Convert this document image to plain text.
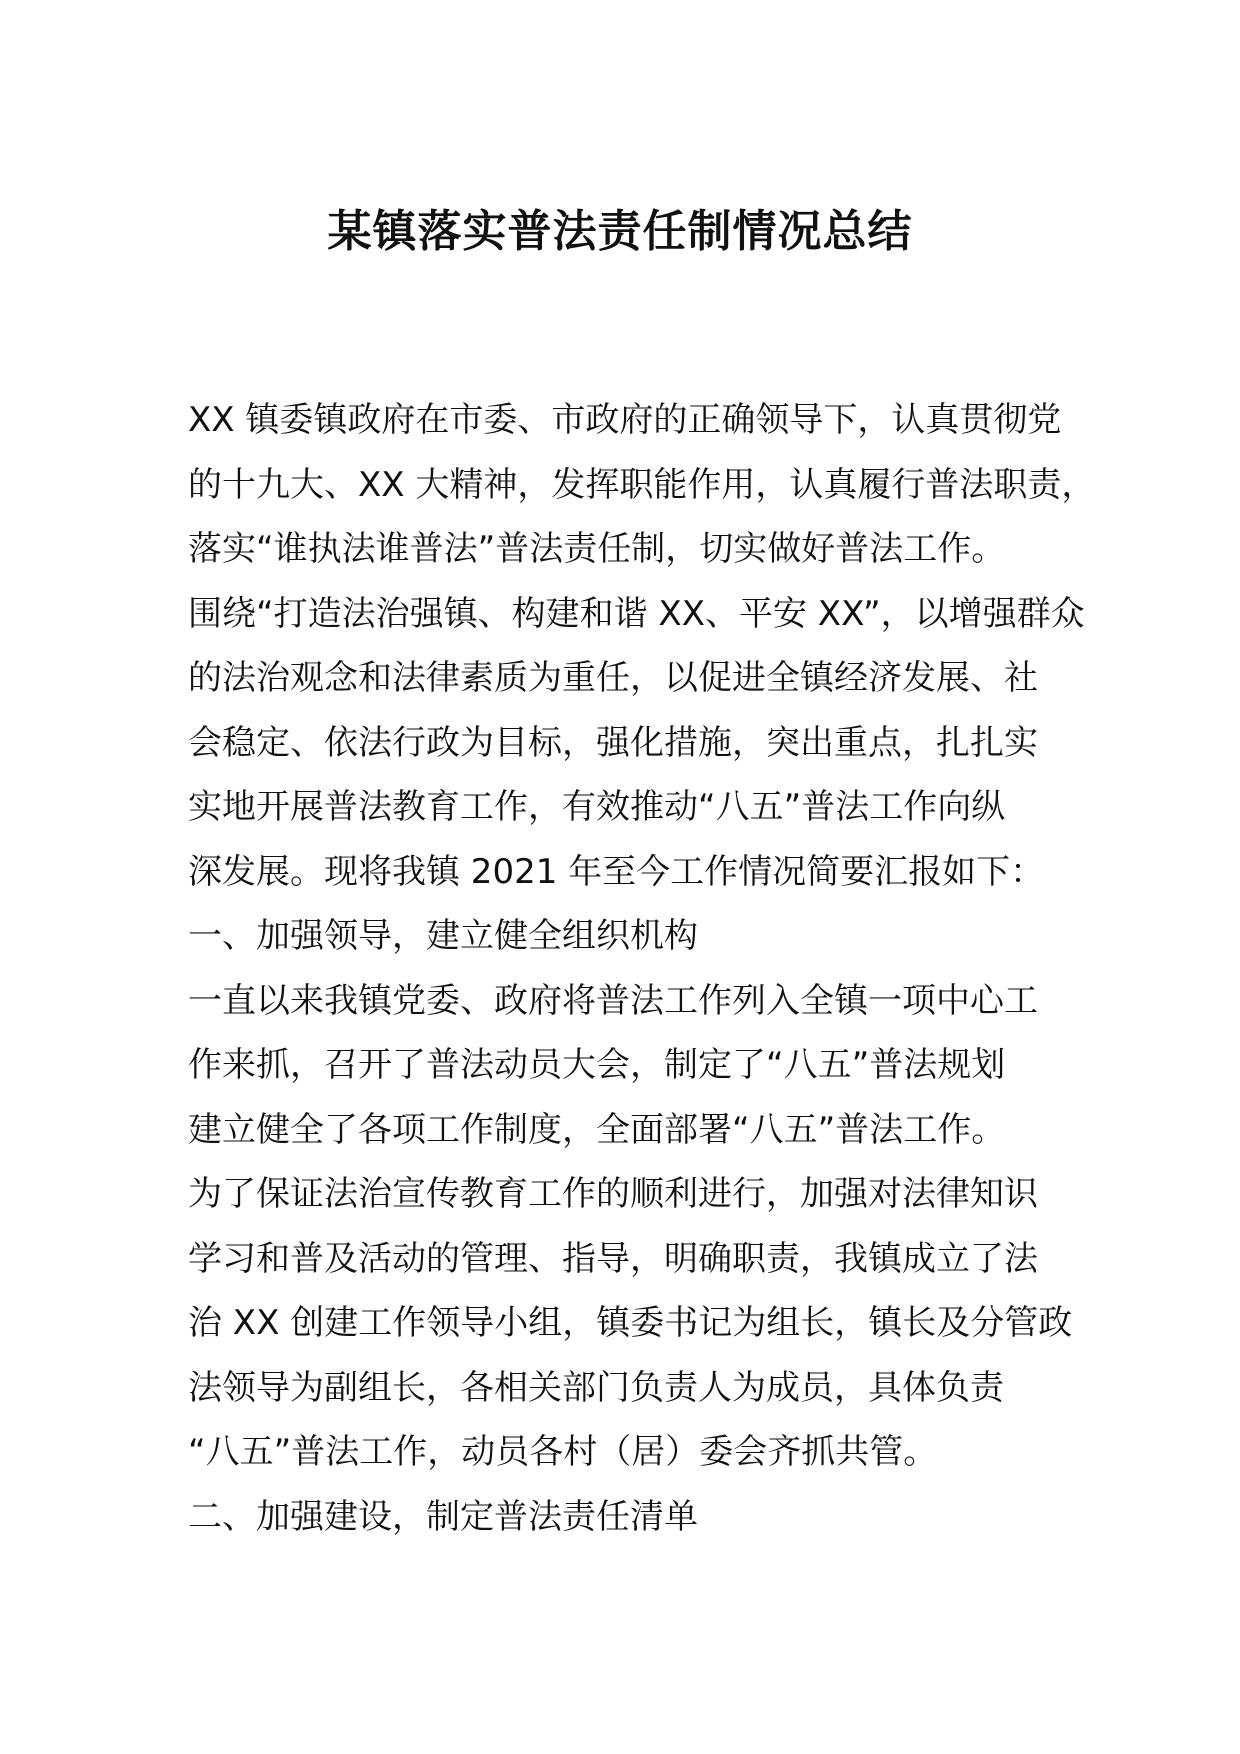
某镇落实普法责任制情况总结
XX 镇委镇政府在市委、市政府的正确领导下，认真贯彻党
的十九大、XX 大精神，发挥职能作用，认真履行普法职责，
落实“谁执法谁普法”普法责任制，切实做好普法工作。
围绕“打造法治强镇、构建和谐 XX、平安 XX”，以增强群众
的法治观念和法律素质为重任，以促进全镇经济发展、社
会稳定、依法行政为目标，强化措施，突出重点，扎扎实
实地开展普法教育工作，有效推动“八五”普法工作向纵
深发展。现将我镇 2021 年至今工作情况简要汇报如下：
一、加强领导，建立健全组织机构
一直以来我镇党委、政府将普法工作列入全镇一项中心工
作来抓，召开了普法动员大会，制定了“八五”普法规划
建立健全了各项工作制度，全面部署“八五”普法工作。
为了保证法治宣传教育工作的顺利进行，加强对法律知识
学习和普及活动的管理、指导，明确职责，我镇成立了法
治 XX 创建工作领导小组，镇委书记为组长，镇长及分管政
法领导为副组长，各相关部门负责人为成员，具体负责
“八五”普法工作，动员各村（居）委会齐抓共管。
二、加强建设，制定普法责任清单
